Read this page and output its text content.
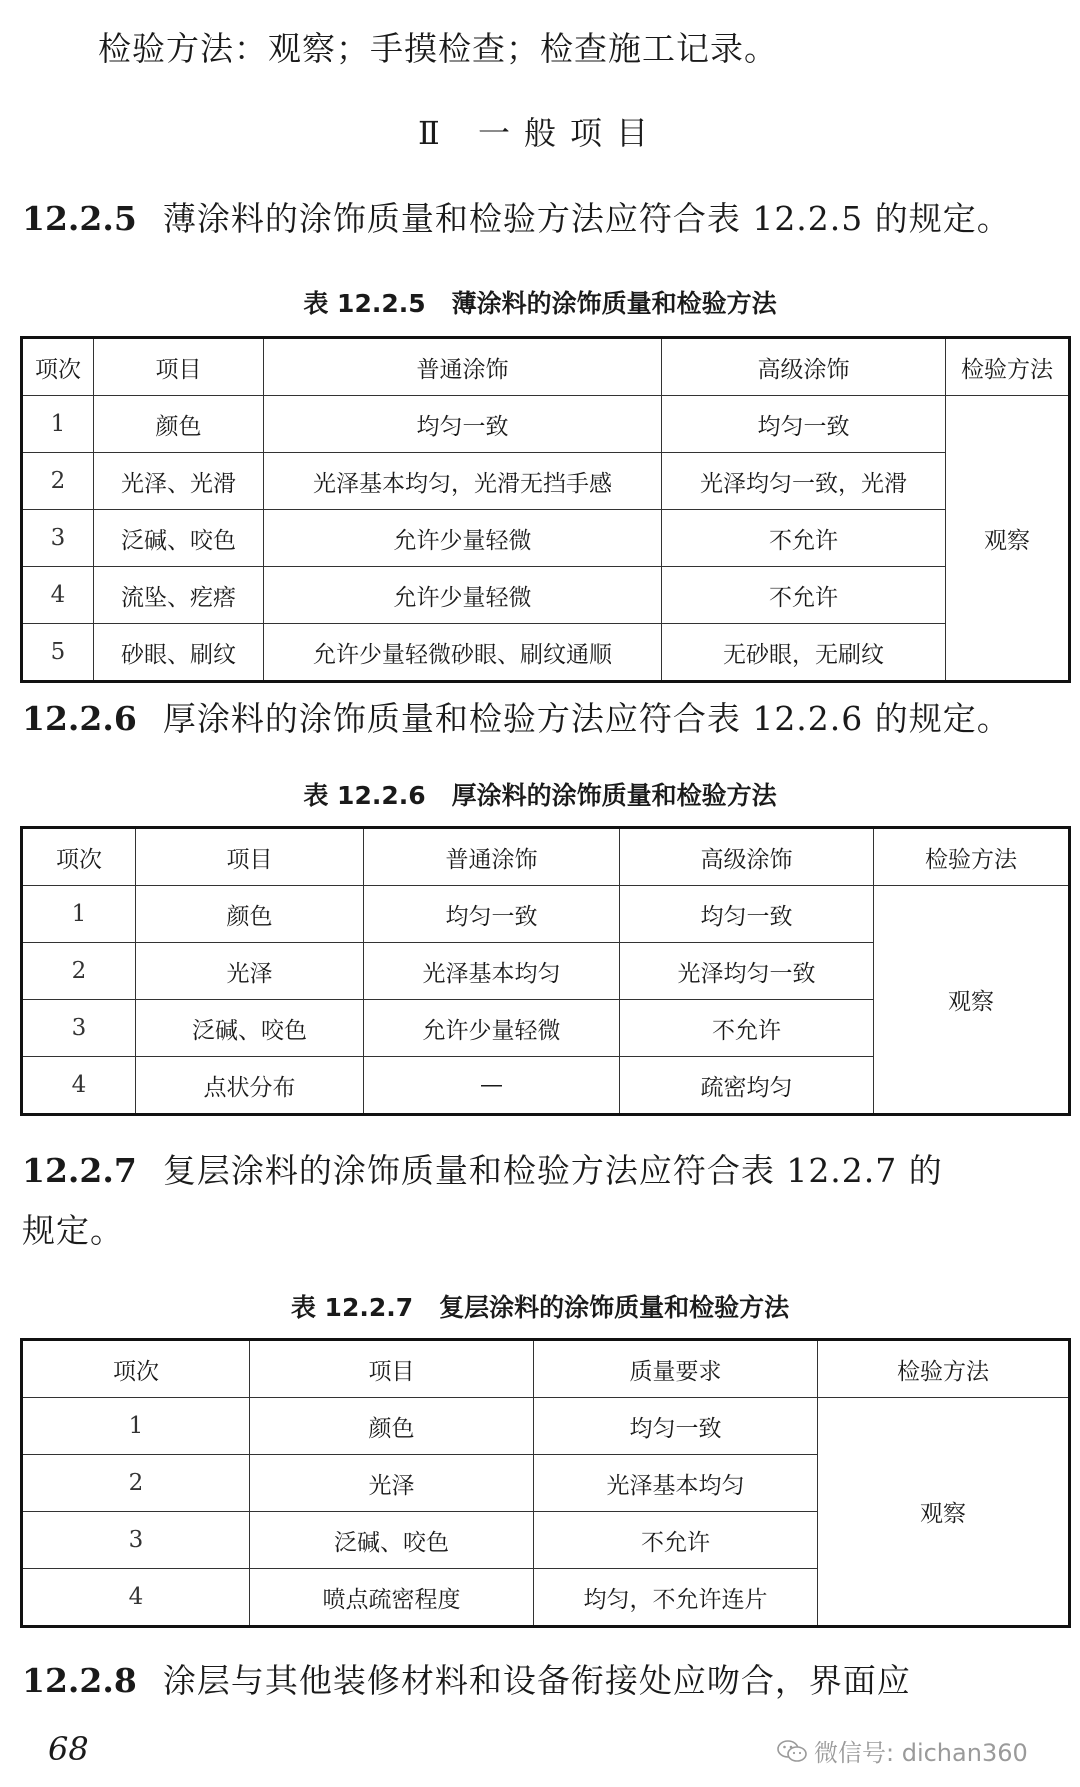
检验方法：观察；手摸检查；检查施工记录。
Ⅱ 一般项目
12.2.5 薄涂料的涂饰质量和检验方法应符合表 12.2.5 的规定。
表 12.2.5 薄涂料的涂饰质量和检验方法
项次	项目	普通涂饰	高级涂饰	检验方法
1	颜色	均匀一致	均匀一致	观察
2	光泽、光滑	光泽基本均匀，光滑无挡手感	光泽均匀一致，光滑	
3	泛碱、咬色	允许少量轻微	不允许	
4	流坠、疙瘩	允许少量轻微	不允许	
5	砂眼、刷纹	允许少量轻微砂眼、刷纹通顺	无砂眼，无刷纹	
12.2.6 厚涂料的涂饰质量和检验方法应符合表 12.2.6 的规定。
表 12.2.6 厚涂料的涂饰质量和检验方法
项次	项目	普通涂饰	高级涂饰	检验方法
1	颜色	均匀一致	均匀一致	观察
2	光泽	光泽基本均匀	光泽均匀一致	
3	泛碱、咬色	允许少量轻微	不允许	
4	点状分布	—	疏密均匀	
12.2.7 复层涂料的涂饰质量和检验方法应符合表 12.2.7 的
规定。
表 12.2.7 复层涂料的涂饰质量和检验方法
项次	项目	质量要求	检验方法
1	颜色	均匀一致	观察
2	光泽	光泽基本均匀	
3	泛碱、咬色	不允许	
4	喷点疏密程度	均匀，不允许连片	
12.2.8 涂层与其他装修材料和设备衔接处应吻合，界面应
68	微信号: dichan360
